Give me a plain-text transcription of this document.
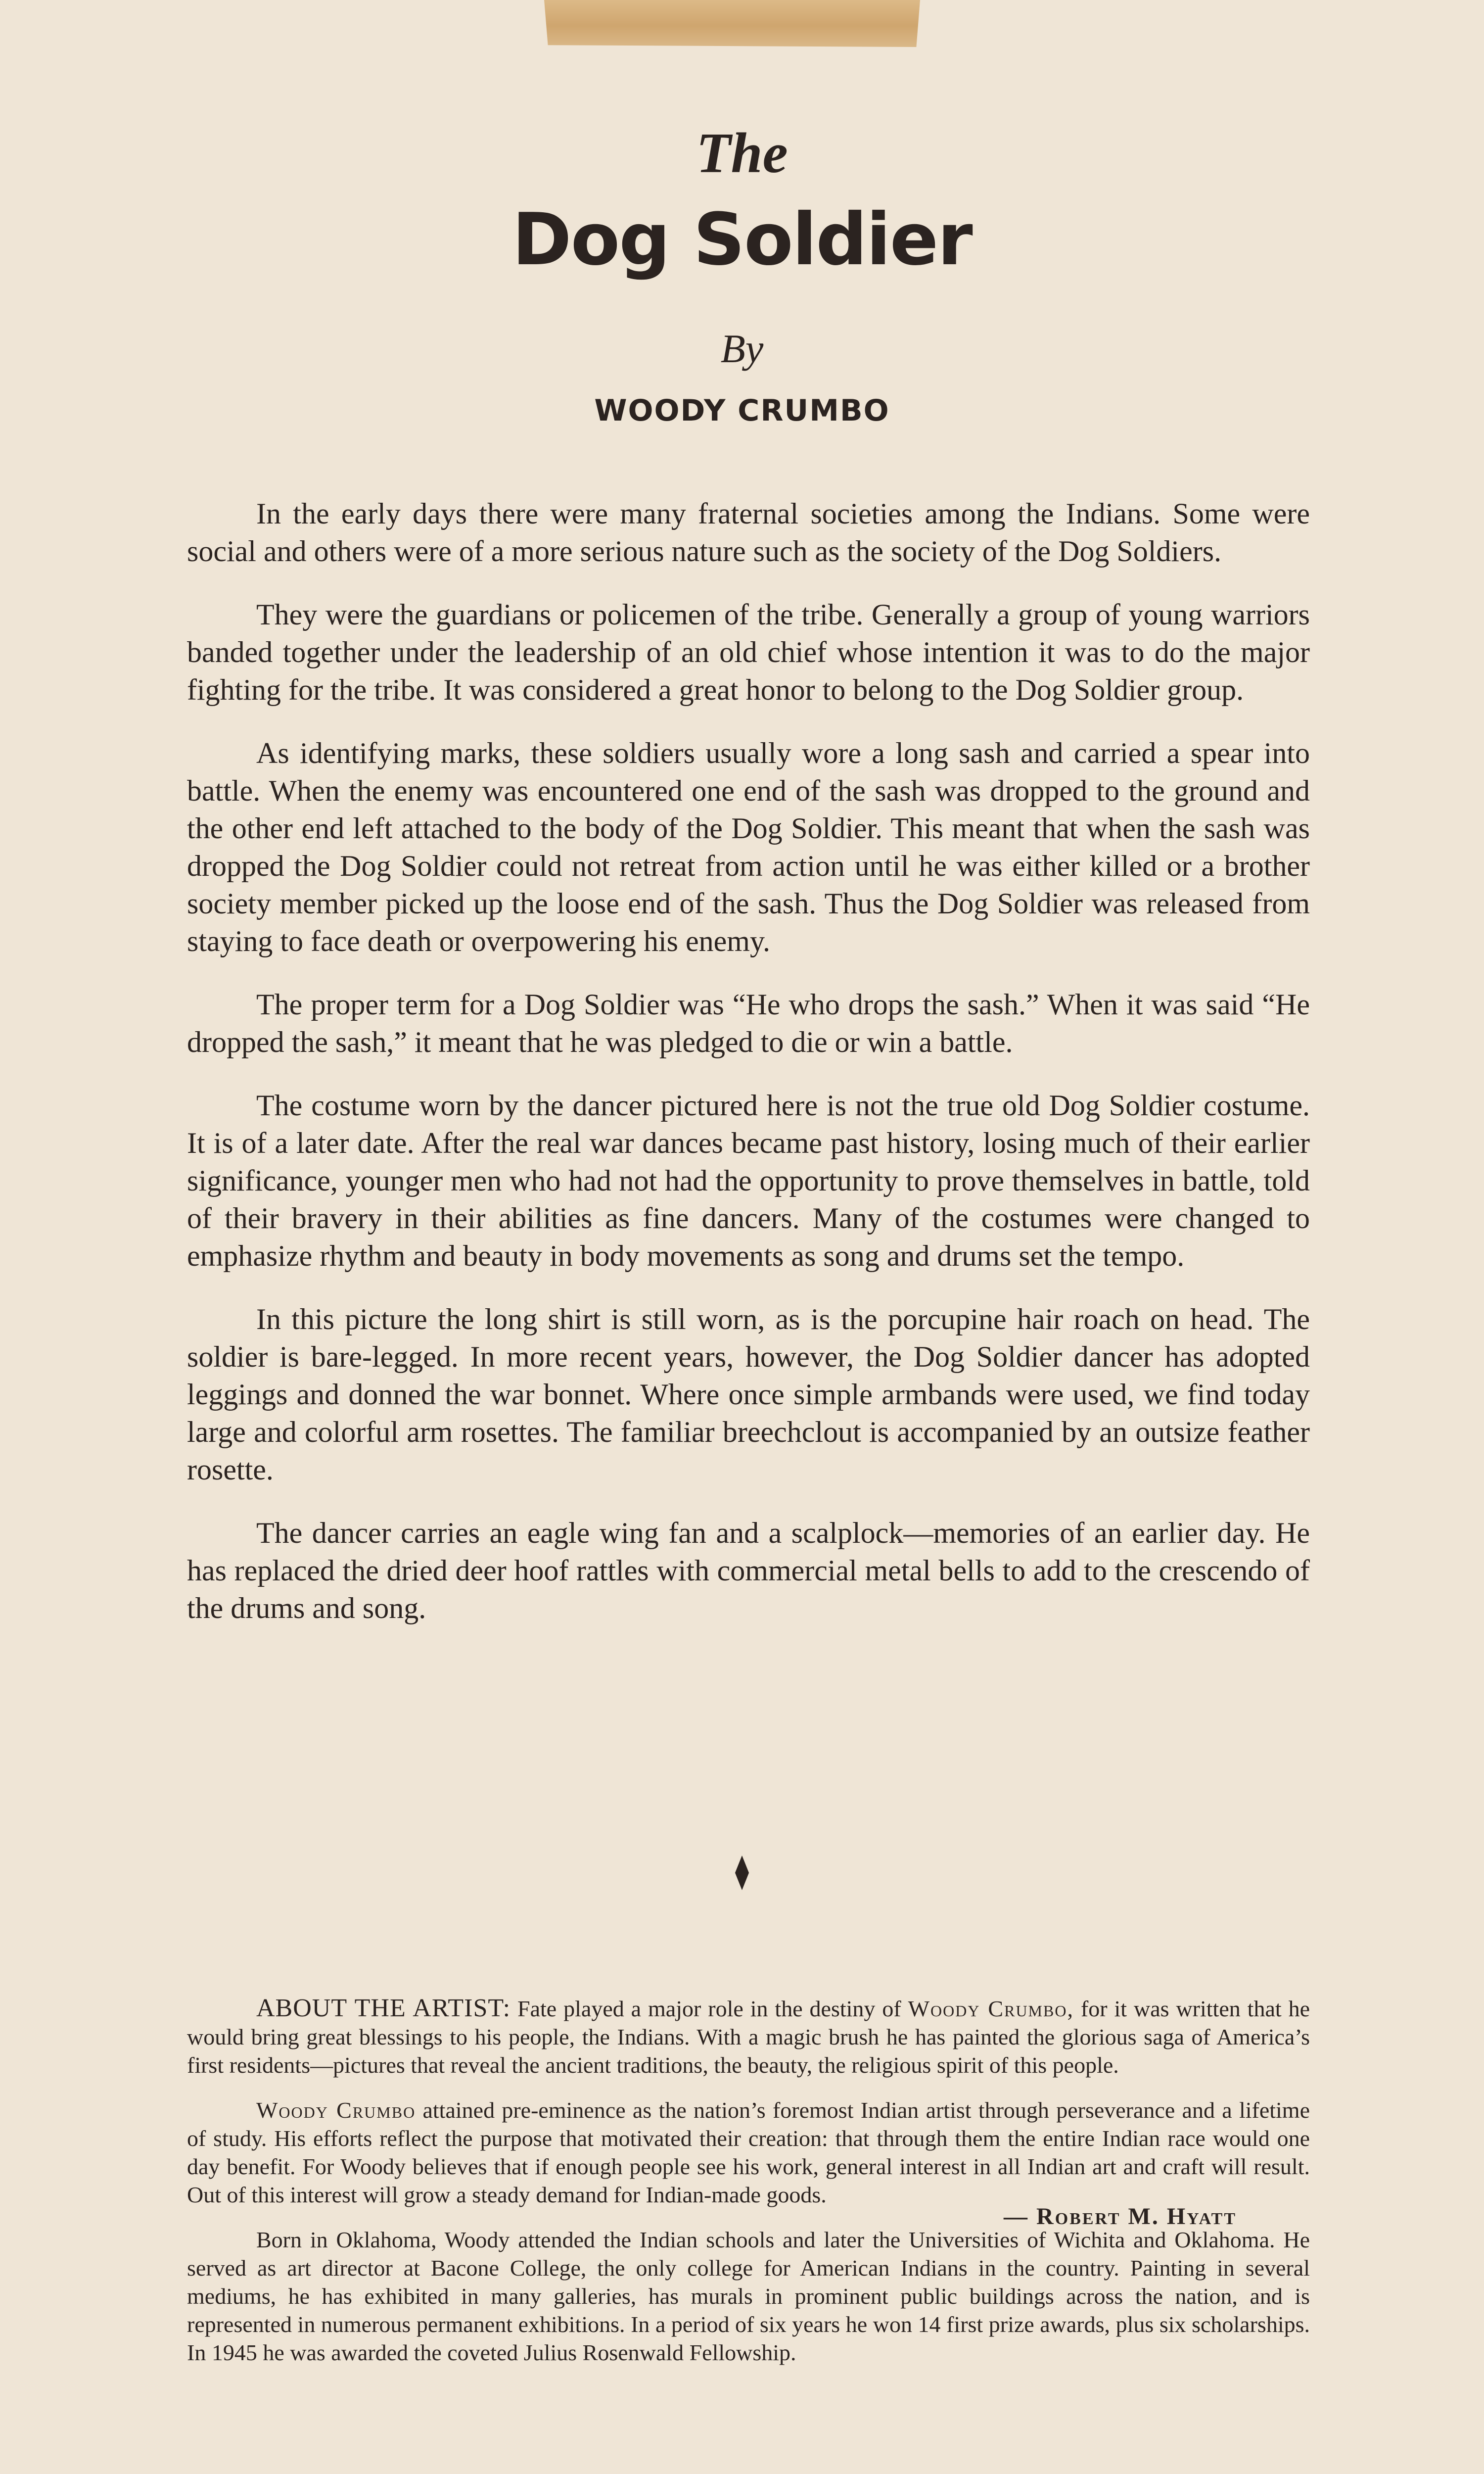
The
Dog Soldier
By
WOODY CRUMBO

In the early days there were many fraternal societies among the Indians. Some were social and others were of a more serious nature such as the society of the Dog Soldiers.

They were the guardians or policemen of the tribe. Generally a group of young warriors banded together under the leadership of an old chief whose intention it was to do the major fighting for the tribe. It was considered a great honor to belong to the Dog Soldier group.

As identifying marks, these soldiers usually wore a long sash and carried a spear into battle. When the enemy was encountered one end of the sash was dropped to the ground and the other end left attached to the body of the Dog Soldier. This meant that when the sash was dropped the Dog Soldier could not retreat from action until he was either killed or a brother society member picked up the loose end of the sash. Thus the Dog Soldier was released from staying to face death or overpowering his enemy.

The proper term for a Dog Soldier was “He who drops the sash.” When it was said “He dropped the sash,” it meant that he was pledged to die or win a battle.

The costume worn by the dancer pictured here is not the true old Dog Soldier costume. It is of a later date. After the real war dances became past history, losing much of their earlier significance, younger men who had not had the opportunity to prove themselves in battle, told of their bravery in their abilities as fine dancers. Many of the costumes were changed to emphasize rhythm and beauty in body movements as song and drums set the tempo.

In this picture the long shirt is still worn, as is the porcupine hair roach on head. The soldier is bare-legged. In more recent years, however, the Dog Soldier dancer has adopted leggings and donned the war bonnet. Where once simple armbands were used, we find today large and colorful arm rosettes. The familiar breechclout is accompanied by an outsize feather rosette.

The dancer carries an eagle wing fan and a scalplock—memories of an earlier day. He has replaced the dried deer hoof rattles with commercial metal bells to add to the crescendo of the drums and song.

ABOUT THE ARTIST: Fate played a major role in the destiny of Woody Crumbo, for it was written that he would bring great blessings to his people, the Indians. With a magic brush he has painted the glorious saga of America’s first residents—pictures that reveal the ancient traditions, the beauty, the religious spirit of this people.

Woody Crumbo attained pre-eminence as the nation’s foremost Indian artist through perseverance and a lifetime of study. His efforts reflect the purpose that motivated their creation: that through them the entire Indian race would one day benefit. For Woody believes that if enough people see his work, general interest in all Indian art and craft will result. Out of this interest will grow a steady demand for Indian-made goods.

Born in Oklahoma, Woody attended the Indian schools and later the Universities of Wichita and Oklahoma. He served as art director at Bacone College, the only college for American Indians in the country. Painting in several mediums, he has exhibited in many galleries, has murals in prominent public buildings across the nation, and is represented in numerous permanent exhibitions. In a period of six years he won 14 first prize awards, plus six scholarships. In 1945 he was awarded the coveted Julius Rosenwald Fellowship.

— Robert M. Hyatt
